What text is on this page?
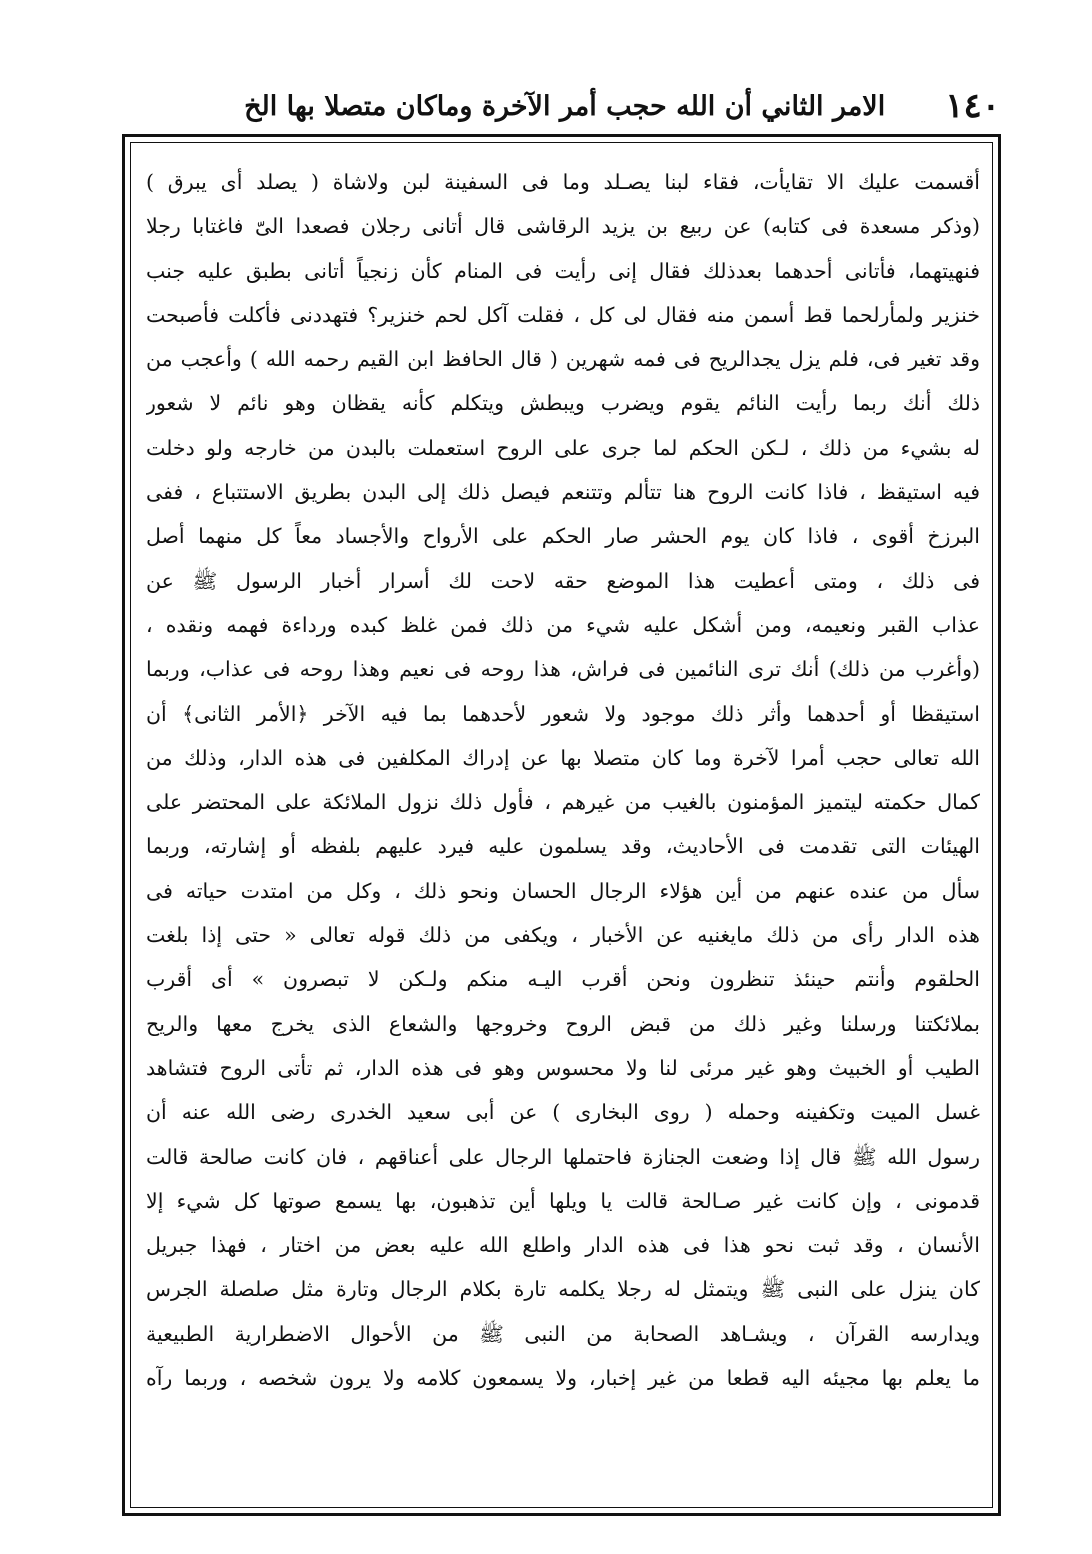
١٤٠
الامر الثاني أن الله حجب أمر الآخرة وماكان متصلا بها الخ
أقسمت عليك الا تقايأت، فقاء لبنا يصـلد وما فى السفينة لبن ولاشاة ( يصلد أى يبرق )
(وذكر مسعدة فى كتابه) عن ربيع بن يزيد الرقاشى قال أتانى رجلان فصعدا الىّ فاغتابا رجلا
فنهيتهما، فأتانى أحدهما بعدذلك فقال إنى رأيت فى المنام كأن زنجياً أتانى بطبق عليه جنب
خنزير ولمأرلحما قط أسمن منه فقال لى كل ، فقلت آكل لحم خنزير؟ فتهددنى فأكلت فأصبحت
وقد تغير فى، فلم يزل يجدالريح فى فمه شهرين ( قال الحافظ ابن القيم رحمه الله ) وأعجب من
ذلك أنك ربما رأيت النائم يقوم ويضرب ويبطش ويتكلم كأنه يقظان وهو نائم لا شعور
له بشيء من ذلك ، لـكن الحكم لما جرى على الروح استعملت بالبدن من خارجه ولو دخلت
فيه استيقظ ، فاذا كانت الروح هنا تتألم وتتنعم فيصل ذلك إلى البدن بطريق الاستتباع ، ففى
البرزخ أقوى ، فاذا كان يوم الحشر صار الحكم على الأرواح والأجساد معاً كل منهما أصل
فى ذلك ، ومتى أعطيت هذا الموضع حقه لاحت لك أسرار أخبار الرسول ﷺ عن
عذاب القبر ونعيمه، ومن أشكل عليه شيء من ذلك فمن غلظ كبده ورداءة فهمه ونقده ،
(وأغرب من ذلك) أنك ترى النائمين فى فراش، هذا روحه فى نعيم وهذا روحه فى عذاب، وربما
استيقظا أو أحدهما وأثر ذلك موجود ولا شعور لأحدهما بما فيه الآخر ﴿الأمر الثانى﴾ أن
الله تعالى حجب أمرا لآخرة وما كان متصلا بها عن إدراك المكلفين فى هذه الدار، وذلك من
كمال حكمته ليتميز المؤمنون بالغيب من غيرهم ، فأول ذلك نزول الملائكة على المحتضر على
الهيئات التى تقدمت فى الأحاديث، وقد يسلمون عليه فيرد عليهم بلفظه أو إشارته، وربما
سأل من عنده عنهم من أين هؤلاء الرجال الحسان ونحو ذلك ، وكل من امتدت حياته فى
هذه الدار رأى من ذلك مايغنيه عن الأخبار ، ويكفى من ذلك قوله تعالى « حتى إذا بلغت
الحلقوم وأنتم حينئذ تنظرون ونحن أقرب اليـه منكم ولـكن لا تبصرون » أى أقرب
بملائكتنا ورسلنا وغير ذلك من قبض الروح وخروجها والشعاع الذى يخرج معها والريح
الطيب أو الخبيث وهو غير مرئى لنا ولا محسوس وهو فى هذه الدار، ثم تأتى الروح فتشاهد
غسل الميت وتكفينه وحمله ( روى البخارى ) عن أبى سعيد الخدرى رضى الله عنه أن
رسول الله ﷺ قال إذا وضعت الجنازة فاحتملها الرجال على أعناقهم ، فان كانت صالحة قالت
قدمونى ، وإن كانت غير صـالحة قالت يا ويلها أين تذهبون، بها يسمع صوتها كل شيء إلا
الأنسان ، وقد ثبت نحو هذا فى هذه الدار واطلع الله عليه بعض من اختار ، فهذا جبريل
كان ينزل على النبى ﷺ ويتمثل له رجلا يكلمه تارة بكلام الرجال وتارة مثل صلصلة الجرس
ويدارسه القرآن ، ويشـاهد الصحابة من النبى ﷺ من الأحوال الاضطرارية الطبيعية
ما يعلم بها مجيئه اليه قطعا من غير إخبار، ولا يسمعون كلامه ولا يرون شخصه ، وربما رآه
